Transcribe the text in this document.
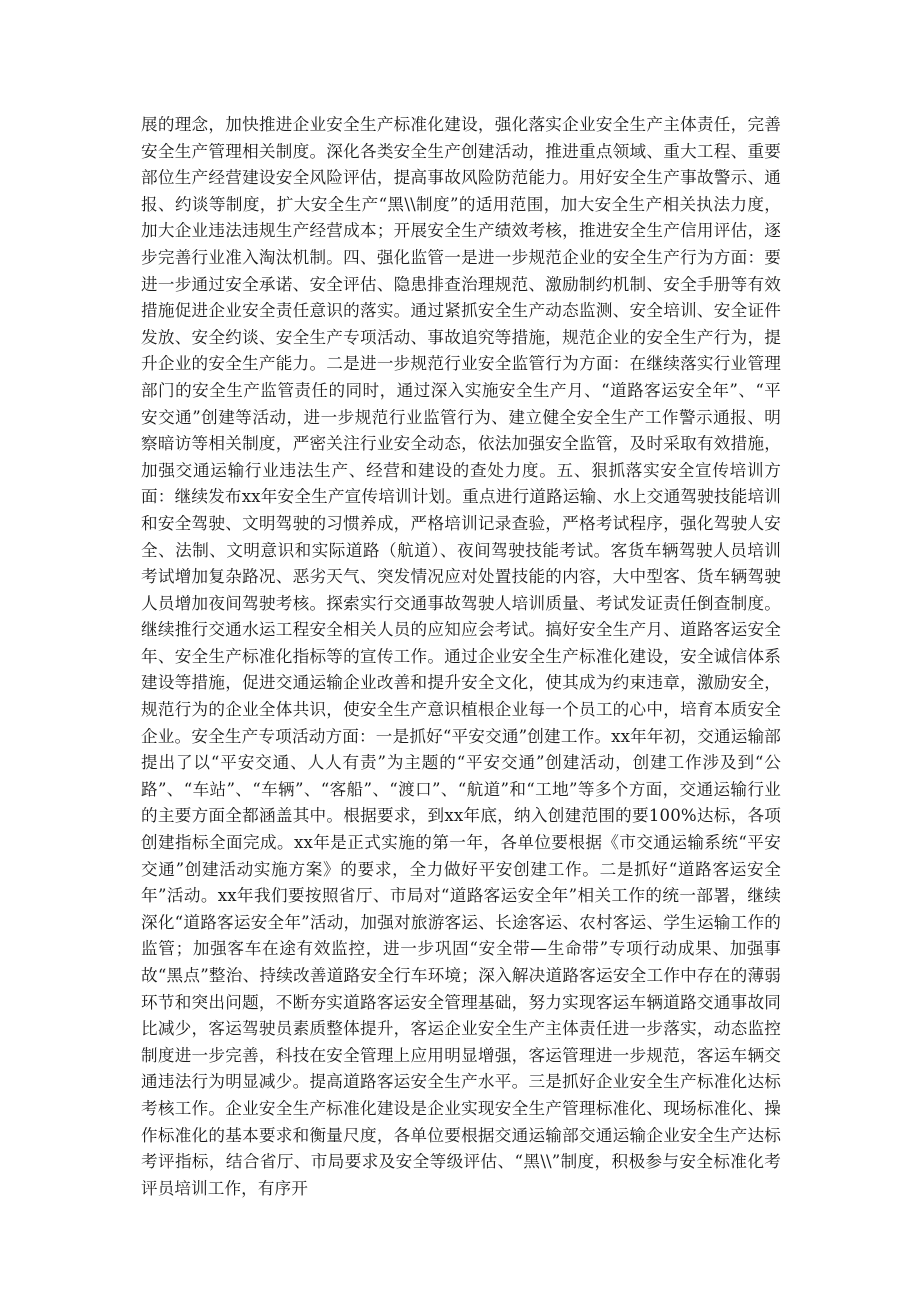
展的理念，加快推进企业安全生产标准化建设，强化落实企业安全生产主体责任，完善安全生产管理相关制度。深化各类安全生产创建活动，推进重点领域、重大工程、重要部位生产经营建设安全风险评估，提高事故风险防范能力。用好安全生产事故警示、通报、约谈等制度，扩大安全生产“黑\\制度”的适用范围，加大安全生产相关执法力度，加大企业违法违规生产经营成本；开展安全生产绩效考核，推进安全生产信用评估，逐步完善行业准入淘汰机制。四、强化监管一是进一步规范企业的安全生产行为方面：要进一步通过安全承诺、安全评估、隐患排查治理规范、激励制约机制、安全手册等有效措施促进企业安全责任意识的落实。通过紧抓安全生产动态监测、安全培训、安全证件发放、安全约谈、安全生产专项活动、事故追究等措施，规范企业的安全生产行为，提升企业的安全生产能力。二是进一步规范行业安全监管行为方面：在继续落实行业管理部门的安全生产监管责任的同时，通过深入实施安全生产月、“道路客运安全年”、“平安交通”创建等活动，进一步规范行业监管行为、建立健全安全生产工作警示通报、明察暗访等相关制度，严密关注行业安全动态，依法加强安全监管，及时采取有效措施，加强交通运输行业违法生产、经营和建设的查处力度。五、狠抓落实安全宣传培训方面：继续发布xx年安全生产宣传培训计划。重点进行道路运输、水上交通驾驶技能培训和安全驾驶、文明驾驶的习惯养成，严格培训记录查验，严格考试程序，强化驾驶人安全、法制、文明意识和实际道路（航道）、夜间驾驶技能考试。客货车辆驾驶人员培训考试增加复杂路况、恶劣天气、突发情况应对处置技能的内容，大中型客、货车辆驾驶人员增加夜间驾驶考核。探索实行交通事故驾驶人培训质量、考试发证责任倒查制度。继续推行交通水运工程安全相关人员的应知应会考试。搞好安全生产月、道路客运安全年、安全生产标准化指标等的宣传工作。通过企业安全生产标准化建设，安全诚信体系建设等措施，促进交通运输企业改善和提升安全文化，使其成为约束违章，激励安全，规范行为的企业全体共识，使安全生产意识植根企业每一个员工的心中，培育本质安全企业。安全生产专项活动方面：一是抓好“平安交通”创建工作。xx年年初，交通运输部提出了以“平安交通、人人有责”为主题的“平安交通”创建活动，创建工作涉及到“公路”、“车站”、“车辆”、“客船”、“渡口”、“航道”和“工地”等多个方面，交通运输行业的主要方面全都涵盖其中。根据要求，到xx年底，纳入创建范围的要100%达标，各项创建指标全面完成。xx年是正式实施的第一年，各单位要根据《市交通运输系统“平安交通”创建活动实施方案》的要求，全力做好平安创建工作。二是抓好“道路客运安全年”活动。xx年我们要按照省厅、市局对“道路客运安全年”相关工作的统一部署，继续深化“道路客运安全年”活动，加强对旅游客运、长途客运、农村客运、学生运输工作的监管；加强客车在途有效监控，进一步巩固“安全带—生命带”专项行动成果、加强事故“黑点”整治、持续改善道路安全行车环境；深入解决道路客运安全工作中存在的薄弱环节和突出问题，不断夯实道路客运安全管理基础，努力实现客运车辆道路交通事故同比减少，客运驾驶员素质整体提升，客运企业安全生产主体责任进一步落实，动态监控制度进一步完善，科技在安全管理上应用明显增强，客运管理进一步规范，客运车辆交通违法行为明显减少。提高道路客运安全生产水平。三是抓好企业安全生产标准化达标考核工作。企业安全生产标准化建设是企业实现安全生产管理标准化、现场标准化、操作标准化的基本要求和衡量尺度，各单位要根据交通运输部交通运输企业安全生产达标考评指标，结合省厅、市局要求及安全等级评估、“黑\\”制度，积极参与安全标准化考评员培训工作，有序开
